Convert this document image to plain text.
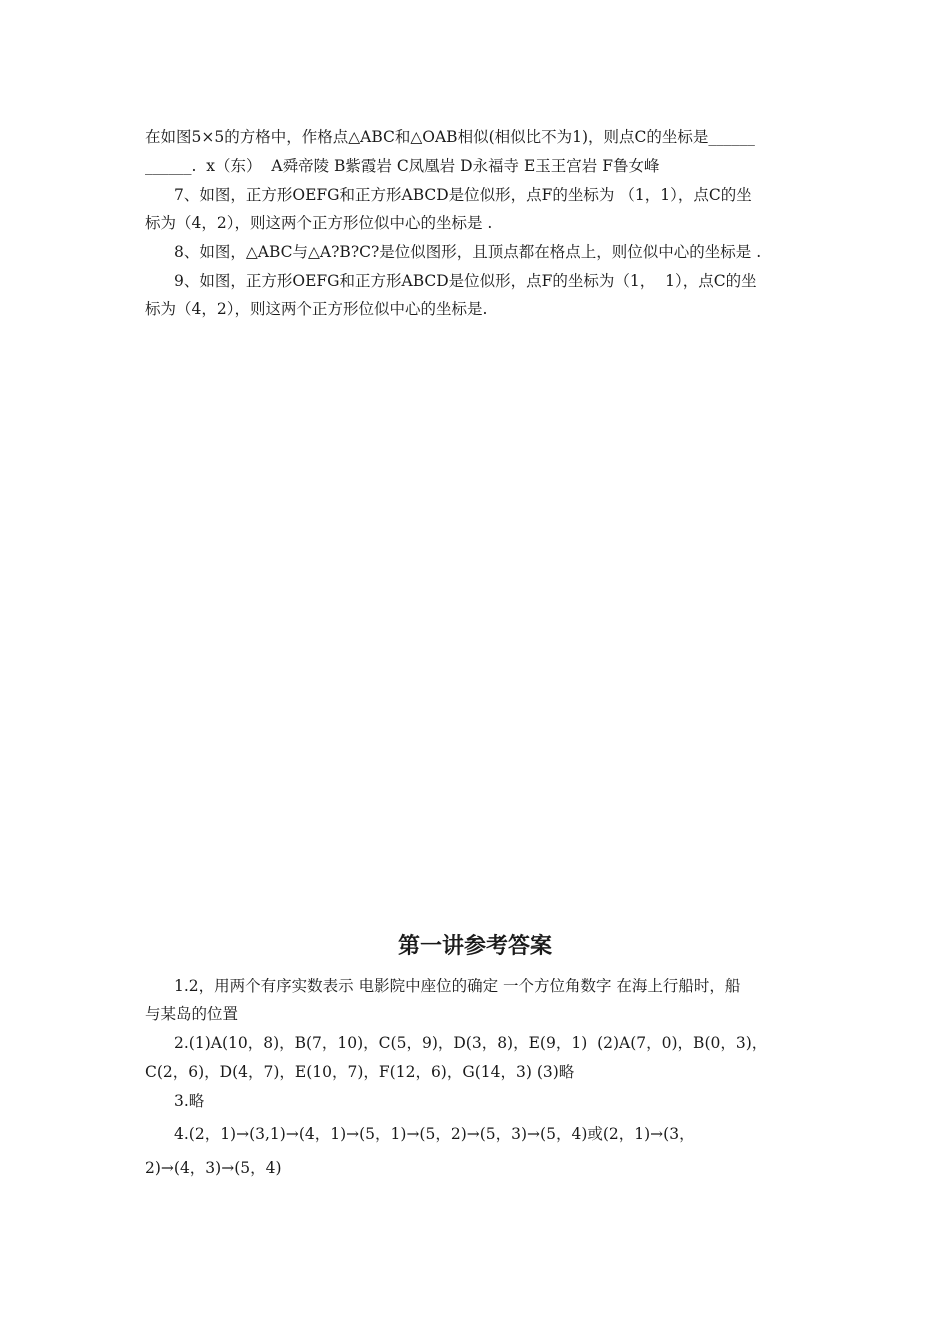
在如图5×5的方格中，作格点△ABC和△OAB相似(相似比不为1)，则点C的坐标是______
______.  x（东）  A舜帝陵 B紫霞岩 C凤凰岩 D永福寺 E玉王宫岩 F鲁女峰
7、如图，正方形OEFG和正方形ABCD是位似形，点F的坐标为 （1，1），点C的坐
标为（4，2），则这两个正方形位似中心的坐标是 .
8、如图，△ABC与△A?B?C?是位似图形，且顶点都在格点上，则位似中心的坐标是 .
9、如图，正方形OEFG和正方形ABCD是位似形，点F的坐标为（1，  1），点C的坐
标为（4，2），则这两个正方形位似中心的坐标是.
第一讲参考答案
1.2，用两个有序实数表示 电影院中座位的确定 一个方位角数字 在海上行船时，船
与某岛的位置
2.(1)A(10，8)，B(7，10)，C(5，9)，D(3，8)，E(9，1)  (2)A(7，0)，B(0，3)，
C(2，6)，D(4，7)，E(10，7)，F(12，6)，G(14，3) (3)略
3.略
4.(2，1)→(3,1)→(4，1)→(5，1)→(5，2)→(5，3)→(5，4)或(2，1)→(3，
2)→(4，3)→(5，4)
